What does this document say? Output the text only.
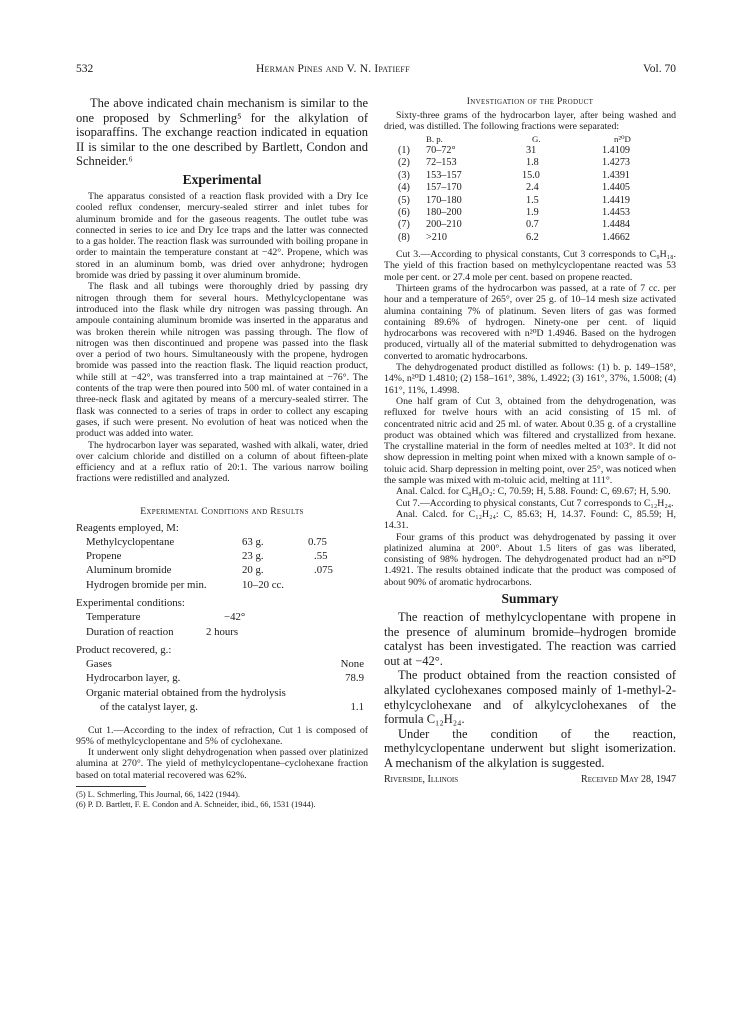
532	Herman Pines and V. N. Ipatieff	Vol. 70

The above indicated chain mechanism is similar to the one proposed by Schmerling⁵ for the alkylation of isoparaffins. The exchange reaction indicated in equation II is similar to the one described by Bartlett, Condon and Schneider.⁶

Experimental

The apparatus consisted of a reaction flask provided with a Dry Ice cooled reflux condenser, mercury-sealed stirrer and inlet tubes for aluminum bromide and for the gaseous reagents. The outlet tube was connected in series to ice and Dry Ice traps and the latter was connected to a gas holder. The reaction flask was surrounded with boiling propane in order to maintain the temperature constant at −42°. Propene, which was stored in an aluminum bomb, was dried over anhydrone; hydrogen bromide was dried by passing it over aluminum bromide.

The flask and all tubings were thoroughly dried by passing dry nitrogen through them for several hours. Methylcyclopentane was introduced into the flask while dry nitrogen was passing through. An ampoule containing aluminum bromide was inserted in the apparatus and was broken therein while nitrogen was passing through. The flow of nitrogen was then discontinued and propene was passed into the flask over a period of two hours. Simultaneously with the propene, hydrogen bromide was passed into the reaction flask. The liquid reaction product, while still at −42°, was transferred into a trap maintained at −76°. The contents of the trap were then poured into 500 ml. of water contained in a three-neck flask and agitated by means of a mercury-sealed stirrer. The flask was connected to a series of traps in order to collect any escaping gases, if such were present. No evolution of heat was noticed when the product was added into water.

The hydrocarbon layer was separated, washed with alkali, water, dried over calcium chloride and distilled on a column of about fifteen-plate efficiency and at a reflux ratio of 20:1. The various narrow boiling fractions were redistilled and analyzed.

Experimental Conditions and Results

Reagents employed, M:
Methylcyclopentane	63 g.	0.75
Propene	23 g.	.55
Aluminum bromide	20 g.	.075
Hydrogen bromide per min.	10–20 cc.
Experimental conditions:
Temperature	−42°
Duration of reaction	2 hours
Product recovered, g.:
Gases	None
Hydrocarbon layer, g.	78.9
Organic material obtained from the hydrolysis
of the catalyst layer, g.	1.1

Cut 1.—According to the index of refraction, Cut 1 is composed of 95% of methylcyclopentane and 5% of cyclohexane.

It underwent only slight dehydrogenation when passed over platinized alumina at 270°. The yield of methylcyclopentane–cyclohexane fraction based on total material recovered was 62%.

(5) L. Schmerling, This Journal, 66, 1422 (1944).

(6) P. D. Bartlett, F. E. Condon and A. Schneider, ibid., 66, 1531 (1944).

Investigation of the Product

Sixty-three grams of the hydrocarbon layer, after being washed and dried, was distilled. The following fractions were separated:

B. p.	G.	n²⁰D
(1) 70–72°	31	1.4109
(2) 72–153	1.8	1.4273
(3) 153–157	15.0	1.4391
(4) 157–170	2.4	1.4405
(5) 170–180	1.5	1.4419
(6) 180–200	1.9	1.4453
(7) 200–210	0.7	1.4484
(8) >210	6.2	1.4662

Cut 3.—According to physical constants, Cut 3 corresponds to C₉H₁₈. The yield of this fraction based on methylcyclopentane reacted was 53 mole per cent. or 27.4 mole per cent. based on propene reacted.

Thirteen grams of the hydrocarbon was passed, at a rate of 7 cc. per hour and a temperature of 265°, over 25 g. of 10–14 mesh size activated alumina containing 7% of platinum. Seven liters of gas was formed containing 89.6% of hydrogen. Ninety-one per cent. of liquid hydrocarbons was recovered with n²⁰D 1.4946. Based on the hydrogen produced, virtually all of the material submitted to dehydrogenation was converted to aromatic hydrocarbons.

The dehydrogenated product distilled as follows: (1) b. p. 149–158°, 14%, n²⁰D 1.4810; (2) 158–161°, 38%, 1.4922; (3) 161°, 37%, 1.5008; (4) 161°, 11%, 1.4998.

One half gram of Cut 3, obtained from the dehydrogenation, was refluxed for twelve hours with an acid consisting of 15 ml. of concentrated nitric acid and 25 ml. of water. About 0.35 g. of a crystalline product was obtained which was filtered and crystallized from hexane. The crystalline material in the form of needles melted at 103°. It did not show depression in melting point when mixed with a known sample of o-toluic acid. Sharp depression in melting point, over 25°, was noticed when the sample was mixed with m-toluic acid, melting at 111°.

Anal. Calcd. for C₈H₈O₂: C, 70.59; H, 5.88. Found: C, 69.67; H, 5.90.

Cut 7.—According to physical constants, Cut 7 corresponds to C₁₂H₂₄.

Anal. Calcd. for C₁₂H₂₄: C, 85.63; H, 14.37. Found: C, 85.59; H, 14.31.

Four grams of this product was dehydrogenated by passing it over platinized alumina at 200°. About 1.5 liters of gas was liberated, consisting of 98% hydrogen. The dehydrogenated product had an n²⁰D 1.4921. The results obtained indicate that the product was composed of about 90% of aromatic hydrocarbons.

Summary

The reaction of methylcyclopentane with propene in the presence of aluminum bromide–hydrogen bromide catalyst has been investigated. The reaction was carried out at −42°.

The product obtained from the reaction consisted of alkylated cyclohexanes composed mainly of 1-methyl-2-ethylcyclohexane and of alkylcyclohexanes of the formula C₁₂H₂₄.

Under the condition of the reaction, methylcyclopentane underwent but slight isomerization. A mechanism of the alkylation is suggested.

Riverside, Illinois	Received May 28, 1947
